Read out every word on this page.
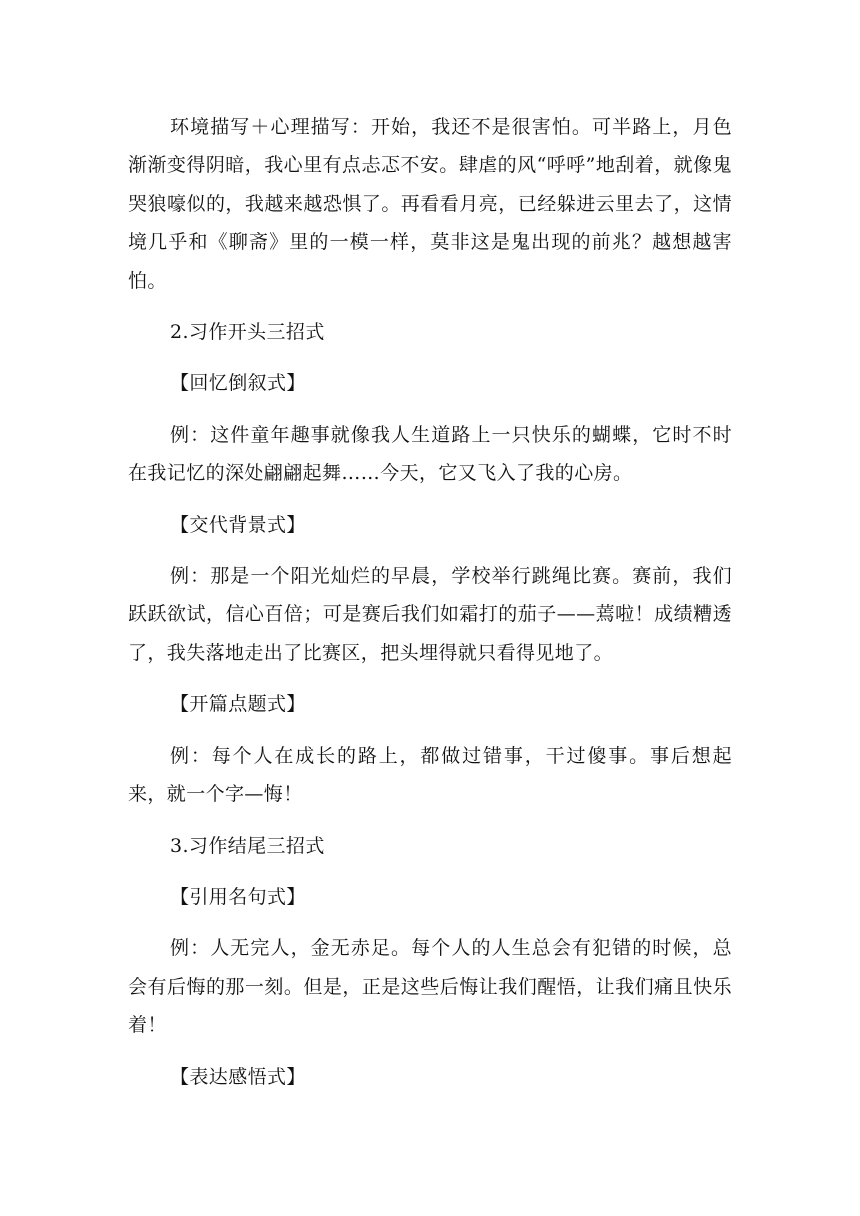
环境描写＋心理描写：开始，我还不是很害怕。可半路上，月色渐渐变得阴暗，我心里有点忐忑不安。肆虐的风“呼呼”地刮着，就像鬼哭狼嚎似的，我越来越恐惧了。再看看月亮，已经躲进云里去了，这情境几乎和《聊斋》里的一模一样，莫非这是鬼出现的前兆？越想越害怕。

2.习作开头三招式

【回忆倒叙式】

例：这件童年趣事就像我人生道路上一只快乐的蝴蝶，它时不时在我记忆的深处翩翩起舞……今天，它又飞入了我的心房。

【交代背景式】

例：那是一个阳光灿烂的早晨，学校举行跳绳比赛。赛前，我们跃跃欲试，信心百倍；可是赛后我们如霜打的茄子——蔫啦！成绩糟透了，我失落地走出了比赛区，把头埋得就只看得见地了。

【开篇点题式】

例：每个人在成长的路上，都做过错事，干过傻事。事后想起来，就一个字—悔！

3.习作结尾三招式

【引用名句式】

例：人无完人，金无赤足。每个人的人生总会有犯错的时候，总会有后悔的那一刻。但是，正是这些后悔让我们醒悟，让我们痛且快乐着！

【表达感悟式】
